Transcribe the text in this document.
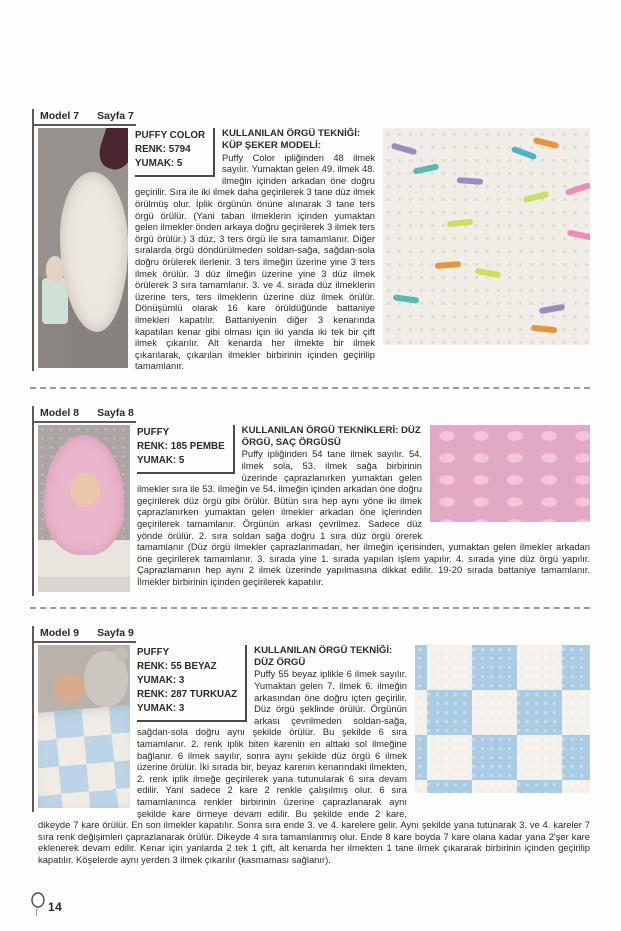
Model 7 Sayfa 7
PUFFY COLOR
RENK: 5794
YUMAK: 5

KULLANILAN ÖRGÜ TEKNİĞİ: KÜP ŞEKER MODELİ:

Puffy Color ipliğinden 48 ilmek sayılır. Yumaktan gelen 49. ilmek 48. ilmeğin içinden arkadan öne doğru geçirilir. Sıra ile iki ilmek daha geçirilerek 3 tane düz ilmek örülmüş olur. İplik örgünün önüne alınarak 3 tane ters örgü örülür. (Yani taban ilmeklerin içinden yumaktan gelen ilmekler önden arkaya doğru geçirilerek 3 ilmek ters örgü örülür.) 3 düz, 3 ters örgü ile sıra tamamlanır. Diğer sıralarda örgü döndürülmeden soldan-sağa, sağdan-sola doğru örülerek ilerlenir. 3 ters ilmeğin üzerine yine 3 ters ilmek örülür. 3 düz ilmeğin üzerine yine 3 düz ilmek örülerek 3 sıra tamamlanır. 3. ve 4. sırada düz ilmeklerin üzerine ters, ters ilmeklerin üzerine düz ilmek örülür. Dönüşümlü olarak 16 kare örüldüğünde battaniye ilmekleri kapatılır. Battaniyenin diğer 3 kenarında kapatılan kenar gibi olması için iki yanda iki tek bir çift ilmek çıkarılır. Alt kenarda her ilmekte bir ilmek çıkarılarak, çıkarılan ilmekler birbirinin içinden geçirilip tamamlanır.

Model 8 Sayfa 8
PUFFY
RENK: 185 PEMBE
YUMAK: 5

KULLANILAN ÖRGÜ TEKNİKLERİ: DÜZ ÖRGÜ, SAÇ ÖRGÜSÜ

Puffy ipliğinden 54 tane ilmek sayılır. 54. ilmek sola, 53. ilmek sağa birbirinin üzerinde çaprazlanırken yumaktan gelen ilmekler sıra ile 53. ilmeğin ve 54. ilmeğin içinden arkadan öne doğru geçirilerek düz örgü gibi örülür. Bütün sıra hep aynı yöne iki ilmek çaprazlanırken yumaktan gelen ilmekler arkadan öne içlerinden geçirilerek tamamlanır. Örgünün arkası çevrilmez. Sadece düz yönde örülür. 2. sıra soldan sağa doğru 1 sıra düz örgü örerek tamamlanır (Düz örgü ilmekler çaprazlanmadan, her ilmeğin içerisinden, yumaktan gelen ilmekler arkadan öne geçirilerek tamamlanır. 3. sırada yine 1. sırada yapılan işlem yapılır. 4. sırada yine düz örgü yapılır. Çaprazlamanın hep aynı 2 ilmek üzerinde yapılmasına dikkat edilir. 19-20 sırada battaniye tamamlanır. İlmekler birbirinin içinden geçirilerek kapatılır.

Model 9 Sayfa 9
PUFFY
RENK: 55 BEYAZ
YUMAK: 3
RENK: 287 TURKUAZ
YUMAK: 3

KULLANILAN ÖRGÜ TEKNİĞİ: DÜZ ÖRGÜ

Puffy 55 beyaz iplikle 6 ilmek sayılır. Yumaktan gelen 7. ilmek 6. ilmeğin arkasından öne doğru içten geçirilir. Düz örgü şeklinde örülür. Örgünün arkası çevrilmeden soldan-sağa, sağdan-sola doğru aynı şekilde örülür. Bu şekilde 6 sıra tamamlanır. 2. renk iplik biten karenin en alttaki sol ilmeğine bağlanır. 6 ilmek sayılır, sonra aynı şekilde düz örgü 6 ilmek üzerine örülür. İki sırada bir, beyaz karenin kenarındaki ilmekten, 2. renk iplik ilmeğe geçirilerek yana tutunularak 6 sıra devam edilir. Yani sadece 2 kare 2 renkle çalışılmış olur. 6 sıra tamamlanınca renkler birbirinin üzerine çaprazlanarak aynı şekilde kare örmeye devam edilir. Bu şekilde ende 2 kare, dikeyde 7 kare örülür. En son ilmekler kapatılır. Sonra sıra ende 3. ve 4. karelere gelir. Aynı şekilde yana tutunarak 3. ve 4. kareler 7 sıra renk değişimleri çaprazlanarak örülür. Dikeyde 4 sıra tamamlanmış olur. Ende 8 kare boyda 7 kare olana kadar yana 2'şer kare eklenerek devam edilir. Kenar için yanlarda 2 tek 1 çift, alt kenarda her ilmekten 1 tane ilmek çıkararak birbirinin içinden geçirilip kapatılır. Köşelerde aynı yerden 3 ilmek çıkarılır (kasmaması sağlanır).

14
